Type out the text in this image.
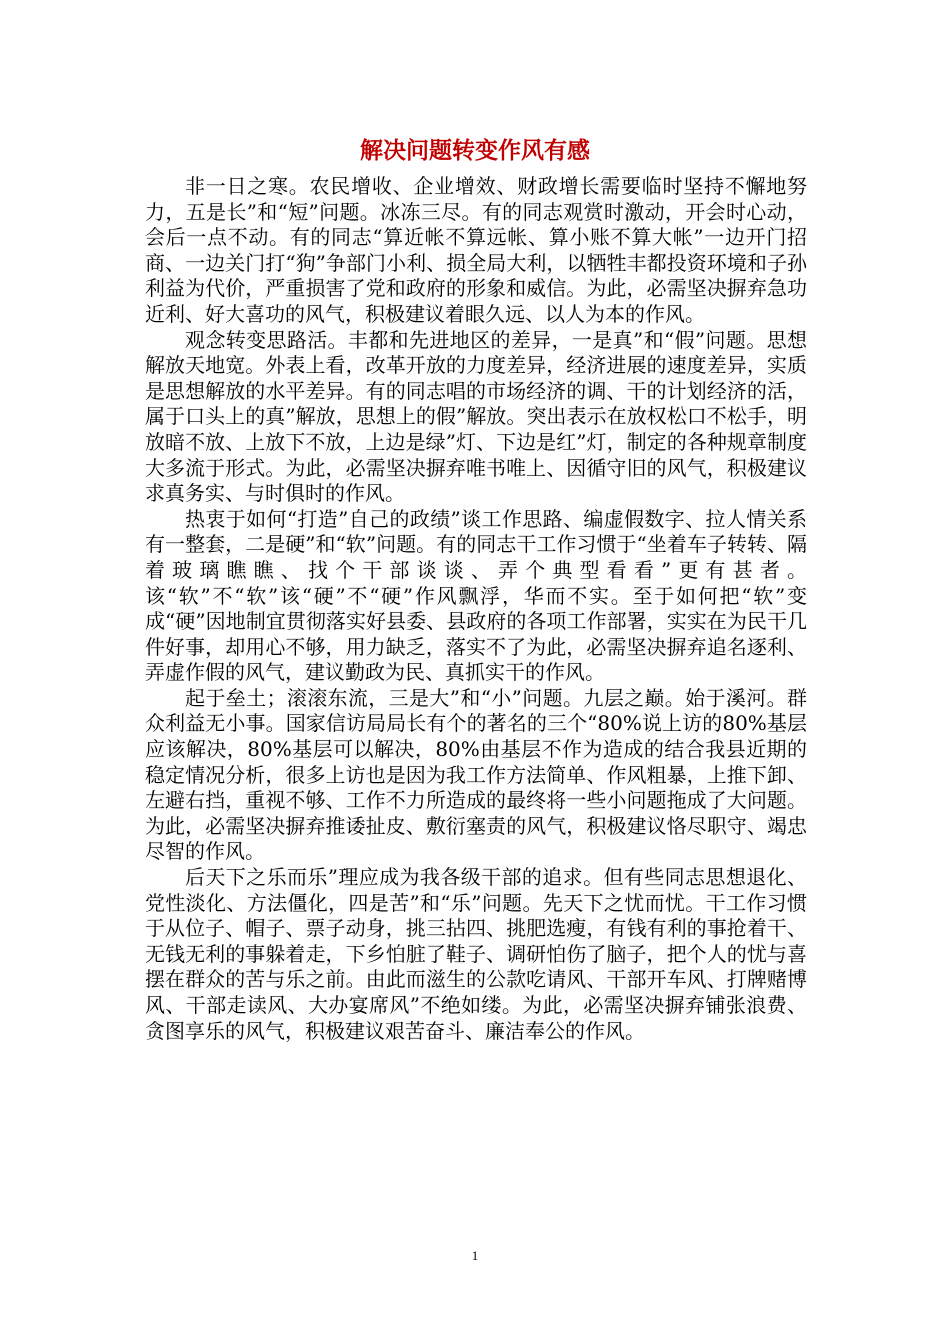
解决问题转变作风有感

非一日之寒。农民增收、企业增效、财政增长需要临时坚持不懈地努力，五是长”和“短”问题。冰冻三尽。有的同志观赏时激动，开会时心动，会后一点不动。有的同志“算近帐不算远帐、算小账不算大帐”一边开门招商、一边关门打“狗”争部门小利、损全局大利，以牺牲丰都投资环境和子孙利益为代价，严重损害了党和政府的形象和威信。为此，必需坚决摒弃急功近利、好大喜功的风气，积极建议着眼久远、以人为本的作风。

观念转变思路活。丰都和先进地区的差异，一是真”和“假”问题。思想解放天地宽。外表上看，改革开放的力度差异，经济进展的速度差异，实质是思想解放的水平差异。有的同志唱的市场经济的调、干的计划经济的活，属于口头上的真”解放，思想上的假”解放。突出表示在放权松口不松手，明放暗不放、上放下不放，上边是绿”灯、下边是红”灯，制定的各种规章制度大多流于形式。为此，必需坚决摒弃唯书唯上、因循守旧的风气，积极建议求真务实、与时俱时的作风。

热衷于如何“打造”自己的政绩”谈工作思路、编虚假数字、拉人情关系有一整套，二是硬”和“软”问题。有的同志干工作习惯于“坐着车子转转、隔着玻璃瞧瞧、找个干部谈谈、弄个典型看看”更有甚者。该“软”不“软”该“硬”不“硬”作风飘浮，华而不实。至于如何把“软”变成“硬”因地制宜贯彻落实好县委、县政府的各项工作部署，实实在为民干几件好事，却用心不够，用力缺乏，落实不了为此，必需坚决摒弃追名逐利、弄虚作假的风气，建议勤政为民、真抓实干的作风。

起于垒土；滚滚东流，三是大”和“小”问题。九层之巅。始于溪河。群众利益无小事。国家信访局局长有个的著名的三个“80%说上访的80%基层应该解决，80%基层可以解决，80%由基层不作为造成的结合我县近期的稳定情况分析，很多上访也是因为我工作方法简单、作风粗暴，上推下卸、左避右挡，重视不够、工作不力所造成的最终将一些小问题拖成了大问题。为此，必需坚决摒弃推诿扯皮、敷衍塞责的风气，积极建议恪尽职守、竭忠尽智的作风。

后天下之乐而乐”理应成为我各级干部的追求。但有些同志思想退化、党性淡化、方法僵化，四是苦”和“乐”问题。先天下之忧而忧。干工作习惯于从位子、帽子、票子动身，挑三拈四、挑肥选瘦，有钱有利的事抢着干、无钱无利的事躲着走，下乡怕脏了鞋子、调研怕伤了脑子，把个人的忧与喜摆在群众的苦与乐之前。由此而滋生的公款吃请风、干部开车风、打牌赌博风、干部走读风、大办宴席风”不绝如缕。为此，必需坚决摒弃铺张浪费、贪图享乐的风气，积极建议艰苦奋斗、廉洁奉公的作风。

1
